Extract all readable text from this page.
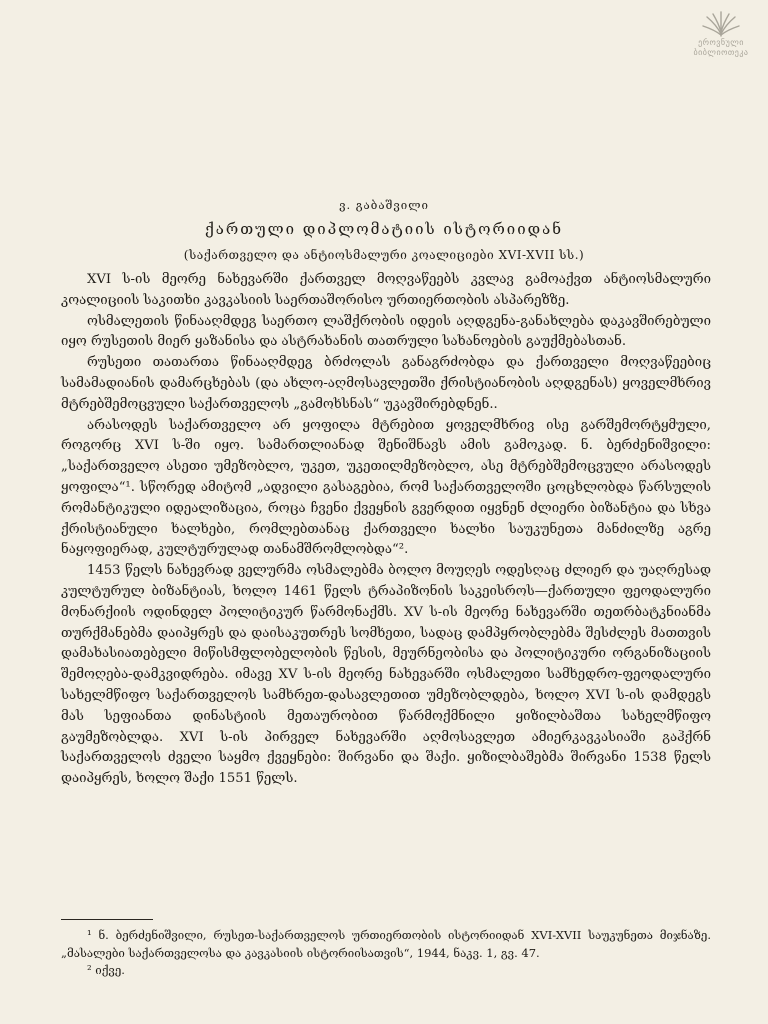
ეროვნული
ბიბლიოთეკა
ვ. გაბაშვილი
ქართული დიპლომატიის ისტორიიდან
(საქართველო და ანტიოსმალური კოალიციები XVI-XVII სს.)

XVI ს-ის მეორე ნახევარში ქართველ მოღვაწეებს კვლავ გამოაქვთ ანტიოსმალური კოალიციის საკითხი კავკასიის საერთაშორისო ურთიერთობის ასპარეზზე.

ოსმალეთის წინააღმდეგ საერთო ლაშქრობის იდეის აღდგენა-განახლება დაკავშირებული იყო რუსეთის მიერ ყაზანისა და ასტრახანის თათრული სახანოების გაუქმებასთან.

რუსეთი თათართა წინააღმდეგ ბრძოლას განაგრძობდა და ქართველი მოღვაწეებიც სამამადიანის დამარცხებას (და ახლო-აღმოსავლეთში ქრისტიანობის აღდგენას) ყოველმხრივ მტრებშემოცვული საქართველოს „გამოხსნას“ უკავშირებდნენ..

არასოდეს საქართველო არ ყოფილა მტრებით ყოველმხრივ ისე გარშემორტყმული, როგორც XVI ს-ში იყო. სამართლიანად შენიშნავს ამის გამოკად. ნ. ბერძენიშვილი: „საქართველო ასეთი უმეზობლო, უკეთ, უკეთილმეზობლო, ასე მტრებშემოცვული არასოდეს ყოფილა“¹. სწორედ ამიტომ „ადვილი გასაგებია, რომ საქართველოში ცოცხლობდა წარსულის რომანტიკული იდეალიზაცია, როცა ჩვენი ქვეყნის გვერდით იყვნენ ძლიერი ბიზანტია და სხვა ქრისტიანული ხალხები, რომლებთანაც ქართველი ხალხი საუკუნეთა მანძილზე აგრე ნაყოფიერად, კულტურულად თანამშრომლობდა“².

1453 წელს ნახევრად ველურმა ოსმალებმა ბოლო მოუღეს ოდესღაც ძლიერ და უაღრესად კულტურულ ბიზანტიას, ხოლო 1461 წელს ტრაპიზონის საკეისროს—ქართული ფეოდალური მონარქიის ოდინდელ პოლიტიკურ წარმონაქმს. XV ს-ის მეორე ნახევარში თეთრბატკნიანმა თურქმანებმა დაიპყრეს და დაისაკუთრეს სომხეთი, სადაც დამპყრობლებმა შესძლეს მათთვის დამახასიათებელი მიწისმფლობელობის წესის, მეურნეობისა და პოლიტიკური ორგანიზაციის შემოღება-დამკვიდრება. იმავე XV ს-ის მეორე ნახევარში ოსმალეთი სამხედრო-ფეოდალური სახელმწიფო საქართველოს სამხრეთ-დასავლეთით უმეზობლდება, ხოლო XVI ს-ის დამდეგს მას სეფიანთა დინასტიის მეთაურობით წარმოქმნილი ყიზილბაშთა სახელმწიფო გაუმეზობლდა. XVI ს-ის პირველ ნახევარში აღმოსავლეთ ამიერკავკასიაში გაჰქრნ საქართველოს ძველი საყმო ქვეყნები: შირვანი და შაქი. ყიზილბაშებმა შირვანი 1538 წელს დაიპყრეს, ხოლო შაქი 1551 წელს.

¹ ნ. ბერძენიშვილი, რუსეთ-საქართველოს ურთიერთობის ისტორიიდან XVI-XVII საუკუნეთა მიჯნაზე. „მასალები საქართველოსა და კავკასიის ისტორიისათვის“, 1944, ნაკვ. 1, გვ. 47.

² იქვე.
